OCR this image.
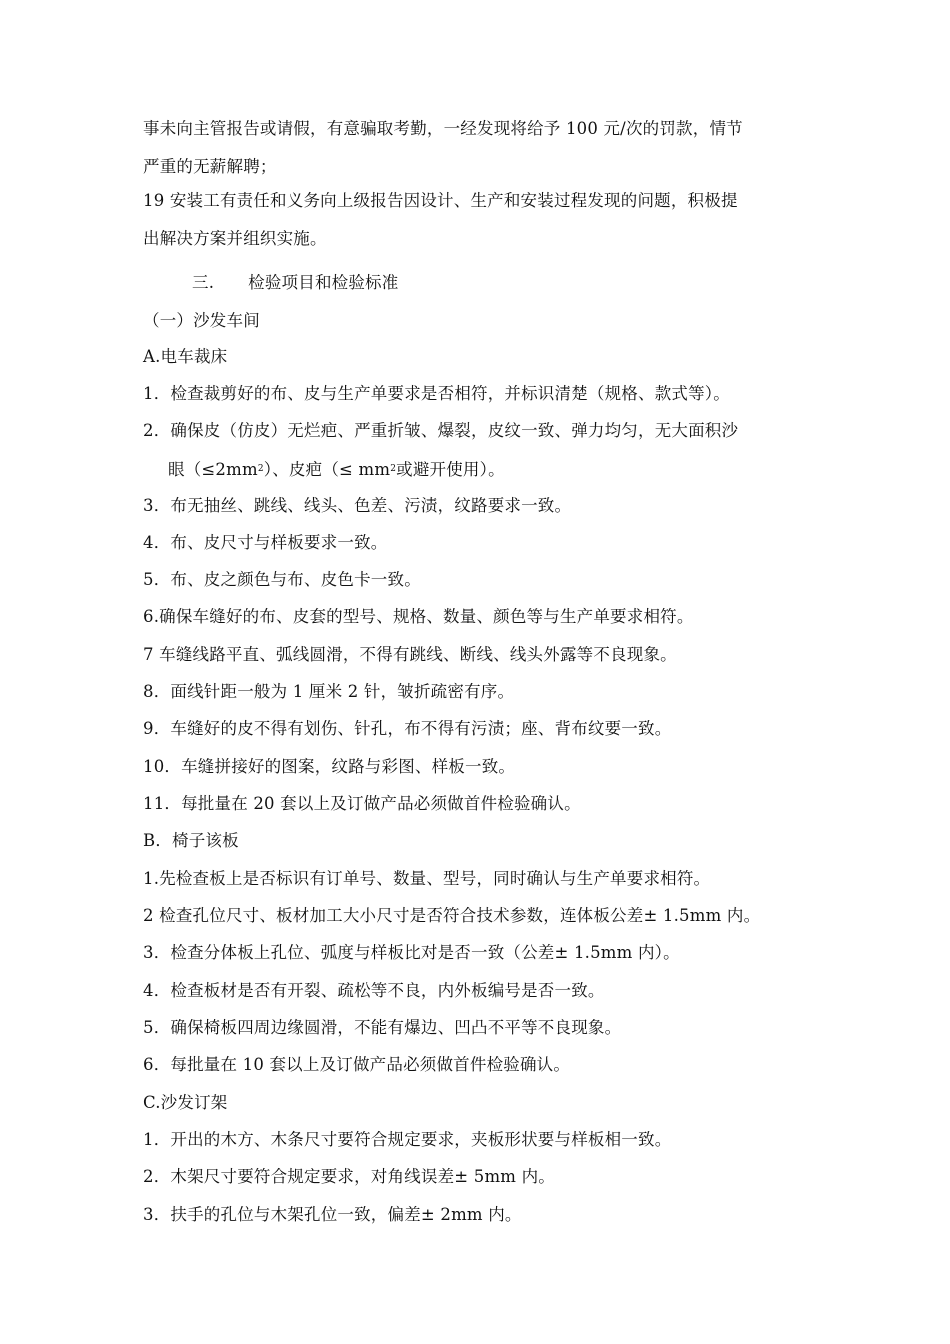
事未向主管报告或请假，有意骗取考勤，一经发现将给予 100 元/次的罚款，情节
严重的无薪解聘；
19 安装工有责任和义务向上级报告因设计、生产和安装过程发现的问题，积极提
出解决方案并组织实施。
三. 检验项目和检验标准
（一）沙发车间
A.电车裁床
1．检查裁剪好的布、皮与生产单要求是否相符，并标识清楚（规格、款式等）。
2．确保皮（仿皮）无烂疤、严重折皱、爆裂，皮纹一致、弹力均匀，无大面积沙
眼$(\le 2mm^2)$、皮疤（≤ $mm^2$或避开使用）。
3．布无抽丝、跳线、线头、色差、污渍，纹路要求一致。
4．布、皮尺寸与样板要求一致。
5．布、皮之颜色与布、皮色卡一致。
6.确保车缝好的布、皮套的型号、规格、数量、颜色等与生产单要求相符。
7 车缝线路平直、弧线圆滑，不得有跳线、断线、线头外露等不良现象。
8．面线针距一般为 1 厘米 2 针，皱折疏密有序。
9．车缝好的皮不得有划伤、针孔，布不得有污渍；座、背布纹要一致。
10．车缝拼接好的图案，纹路与彩图、样板一致。
11．每批量在 20 套以上及订做产品必须做首件检验确认。
B．椅子该板
1.先检查板上是否标识有订单号、数量、型号，同时确认与生产单要求相符。
2 检查孔位尺寸、板材加工大小尺寸是否符合技术参数，连体板公差± 1.5mm 内。
3．检查分体板上孔位、弧度与样板比对是否一致（公差± 1.5mm 内）。
4．检查板材是否有开裂、疏松等不良，内外板编号是否一致。
5．确保椅板四周边缘圆滑，不能有爆边、凹凸不平等不良现象。
6．每批量在 10 套以上及订做产品必须做首件检验确认。
C.沙发订架
1．开出的木方、木条尺寸要符合规定要求，夹板形状要与样板相一致。
2．木架尺寸要符合规定要求，对角线误差± 5mm 内。
3．扶手的孔位与木架孔位一致，偏差± 2mm 内。
